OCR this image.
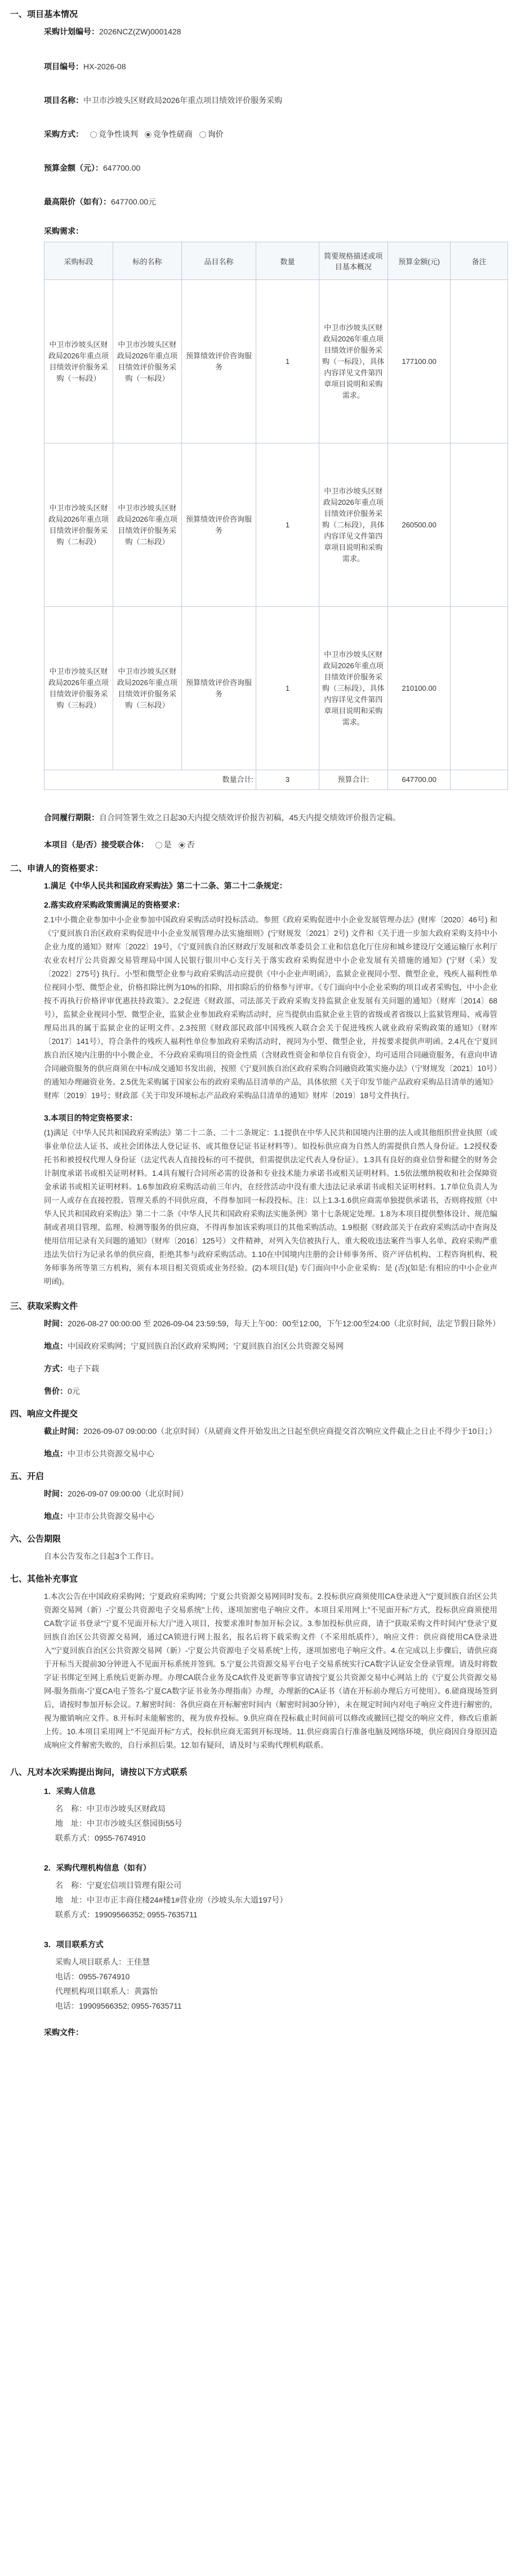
一、项目基本情况
采购计划编号：2026NCZ(ZW)0001428
项目编号：HX-2026-08
项目名称：中卫市沙坡头区财政局2026年重点项目绩效评价服务采购
采购方式： 竞争性谈判 竞争性磋商 询价
预算金额（元）：647700.00
最高限价（如有）：647700.00元
采购需求：
采购标段	标的名称	品目名称	数量	简要规格描述或项目基本概况	预算金额(元)	备注
中卫市沙坡头区财政局2026年重点项目绩效评价服务采购（一标段）	中卫市沙坡头区财政局2026年重点项目绩效评价服务采购（一标段）	预算绩效评价咨询服务	1	中卫市沙坡头区财政局2026年重点项目绩效评价服务采购（一标段），具体内容详见文件第四章项目说明和采购需求。	177100.00	
中卫市沙坡头区财政局2026年重点项目绩效评价服务采购（二标段）	中卫市沙坡头区财政局2026年重点项目绩效评价服务采购（二标段）	预算绩效评价咨询服务	1	中卫市沙坡头区财政局2026年重点项目绩效评价服务采购（二标段），具体内容详见文件第四章项目说明和采购需求。	260500.00	
中卫市沙坡头区财政局2026年重点项目绩效评价服务采购（三标段）	中卫市沙坡头区财政局2026年重点项目绩效评价服务采购（三标段）	预算绩效评价咨询服务	1	中卫市沙坡头区财政局2026年重点项目绩效评价服务采购（三标段），具体内容详见文件第四章项目说明和采购需求。	210100.00	
数量合计:			3	预算合计:	647700.00	
合同履行期限：自合同签署生效之日起30天内提交绩效评价报告初稿，45天内提交绩效评价报告定稿。
本项目（是/否）接受联合体： 是 否
二、申请人的资格要求：
1.满足《中华人民共和国政府采购法》第二十二条、第二十二条规定：
2.落实政府采购政策需满足的资格要求：
2.1中小微企业参加中小企业参加中国政府采购活动时投标活动。参照《政府采购促进中小企业发展管理办法》(财库〔2020〕46号) 和《宁夏回族自治区政府采购促进中小企业发展管理办法实施细则》(宁财规发〔2021〕2号) 文件和《关于进一步加大政府采购支持中小企业力度的通知》财库〔2022〕19号，《宁夏回族自治区财政厅发展和改革委员会工业和信息化厅住房和城乡建设厅交通运输厅水利厅农业农村厅公共资源交易管理局中国人民银行银川中心支行关于落实政府采购促进中小企业发展有关措施的通知》(宁财（采）发〔2022〕275号) 执行。小型和微型企业参与政府采购活动应提供《中小企业声明函》，监狱企业视同小型、微型企业，残疾人福利性单位视同小型、微型企业，价格扣除比例为10%的扣除，用扣除后的价格参与评审。《专门面向中小企业采购的项目或者采购包，中小企业按不再执行价格评审优惠扶持政策》。2.2促进《财政部、司法部关于政府采购支持监狱企业发展有关问题的通知》（财库〔2014〕68号），监狱企业视同小型、微型企业，监狱企业参加政府采购活动时，应当提供由监狱企业主管的省级或者省级以上监狱管理局、戒毒管理局出具的属于监狱企业的证明文件。2.3按照《财政部民政部中国残疾人联合会关于促进残疾人就业政府采购政策的通知》（财库〔2017〕141号），符合条件的残疾人福利性单位参加政府采购活动时，视同为小型、微型企业，并按要求提供声明函。2.4凡在宁夏回族自治区境内注册的中小微企业，不分政府采购项目的资金性质（含财政性资金和单位自有资金），均可适用合同融资服务，有意向申请合同融资服务的供应商须在中标/成交通知书发出前，按照《宁夏回族自治区政府采购合同融资政策实施办法》（宁财规发〔2021〕10号）的通知办理融资业务。2.5优先采购属于国家公布的政府采购品目清单的产品，具体依照《关于印发节能产品政府采购品目清单的通知》财库〔2019〕19号；财政部《关于印发环境标志产品政府采购品目清单的通知》财库〔2019〕18号文件执行。
3.本项目的特定资格要求：
(1)满足《中华人民共和国政府采购法》第二十二条、二十二条规定：1.1提供在中华人民共和国境内注册的法人或其他组织营业执照（或事业单位法人证书、或社会团体法人登记证书、或其他登记证书证材料等）。如投标供应商为自然人的需提供自然人身份证。1.2授权委托书和被授权代理人身份证（法定代表人直接投标的可不提供，但需提供法定代表人身份证）。1.3具有良好的商业信誉和健全的财务会计制度承诺书或相关证明材料。1.4具有履行合同所必需的设备和专业技术能力承诺书或相关证明材料。1.5依法缴纳税收和社会保障资金承诺书或相关证明材料。1.6参加政府采购活动前三年内，在经营活动中没有重大违法记录承诺书或相关证明材料。1.7单位负责人为同一人或存在直接控股、管理关系的不同供应商，不得参加同一标段投标。注：以上1.3-1.6供应商需单独提供承诺书，否则将按照《中华人民共和国政府采购法》第二十二条《中华人民共和国政府采购法实施条例》第十七条规定处理。1.8为本项目提供整体设计、规范编制或者项目管理、监理、检测等服务的供应商，不得再参加该采购项目的其他采购活动。1.9根据《财政部关于在政府采购活动中查询及使用信用记录有关问题的通知》（财库〔2016〕125号）文件精神，对列入失信被执行人、重大税收违法案件当事人名单、政府采购严重违法失信行为记录名单的供应商，拒绝其参与政府采购活动。1.10在中国境内注册的会计师事务所、资产评估机构、工程咨询机构、税务师事务所等第三方机构，须有本项目相关资质或业务经验。(2)本项目(是) 专门面向中小企业采购：是 (否)(如是:有相应的中小企业声明函)。
三、获取采购文件
时间：2026-08-27 00:00:00 至 2026-09-04 23:59:59，每天上午00：00至12:00，下午12:00至24:00（北京时间，法定节假日除外）
地点：中国政府采购网；宁夏回族自治区政府采购网；宁夏回族自治区公共资源交易网
方式：电子下载
售价：0元
四、响应文件提交
截止时间：2026-09-07 09:00:00（北京时间）（从磋商文件开始发出之日起至供应商提交首次响应文件截止之日止不得少于10日；）
地点：中卫市公共资源交易中心
五、开启
时间：2026-09-07 09:00:00（北京时间）
地点：中卫市公共资源交易中心
六、公告期限
自本公告发布之日起3个工作日。
七、其他补充事宜
1.本次公告在中国政府采购网；宁夏政府采购网；宁夏公共资源交易网同时发布。2.投标供应商须使用CA登录进入"宁夏回族自治区公共资源交易网（新）-宁夏公共资源电子交易系统"上传，逐项加密电子响应文件。本项目采用网上"不见面开标"方式，投标供应商须使用CA数字证书登录"宁夏不见面开标大厅"进入项目，按要求准时参加开标会议。3.参加投标供应商，请于"获取采购文件时间内"登录宁夏回族自治区公共资源交易网，通过CA锁进行网上报名，报名后将下载采购文件（不采用纸质件），响应文件：供应商使用CA登录进入"宁夏回族自治区公共资源交易网（新）-宁夏公共资源电子交易系统"上传，逐项加密电子响应文件。4.在完成以上步骤后，请供应商于开标当天提前30分钟进入不见面开标系统并签到。5.宁夏公共资源交易平台电子交易系统实行CA数字认证安全登录管理。请及时将数字证书绑定至网上系统后更新办理。办理CA联合业务及CA软件及更新等事宜请按宁夏公共资源交易中心网站上的《宁夏公共资源交易网-服务指南-宁夏CA电子签名-宁夏CA数字证书业务办理指南》办理，办理新的CA证书（请在开标前办理后方可使用）。6.磋商现场签到后，请按时参加开标会议。7.解密时间：各供应商在开标解密时间内（解密时间30分钟），未在规定时间内对电子响应文件进行解密的，视为撤销响应文件。8.开标时未能解密的，视为放弃投标。9.供应商在投标截止时间前可以修改或撤回已提交的响应文件，修改后重新上传。10.本项目采用网上"不见面开标"方式，投标供应商无需到开标现场。11.供应商需自行准备电脑及网络环境，供应商因自身原因造成响应文件解密失败的，自行承担后果。12.如有疑问，请及时与采购代理机构联系。
八、凡对本次采购提出询问，请按以下方式联系
1．采购人信息
名　称：中卫市沙坡头区财政局
地　址：中卫市沙坡头区蔡园街55号
联系方式：0955-7674910
2．采购代理机构信息（如有）
名　称：宁夏宏信项目管理有限公司
地　址：中卫市正丰商住楼24#楼1#营业房（沙坡头东大道197号）
联系方式：19909566352; 0955-7635711
3．项目联系方式
采购人项目联系人：王佳慧
电话：0955-7674910
代理机构项目联系人：黄露怡
电话：19909566352; 0955-7635711
采购文件：
